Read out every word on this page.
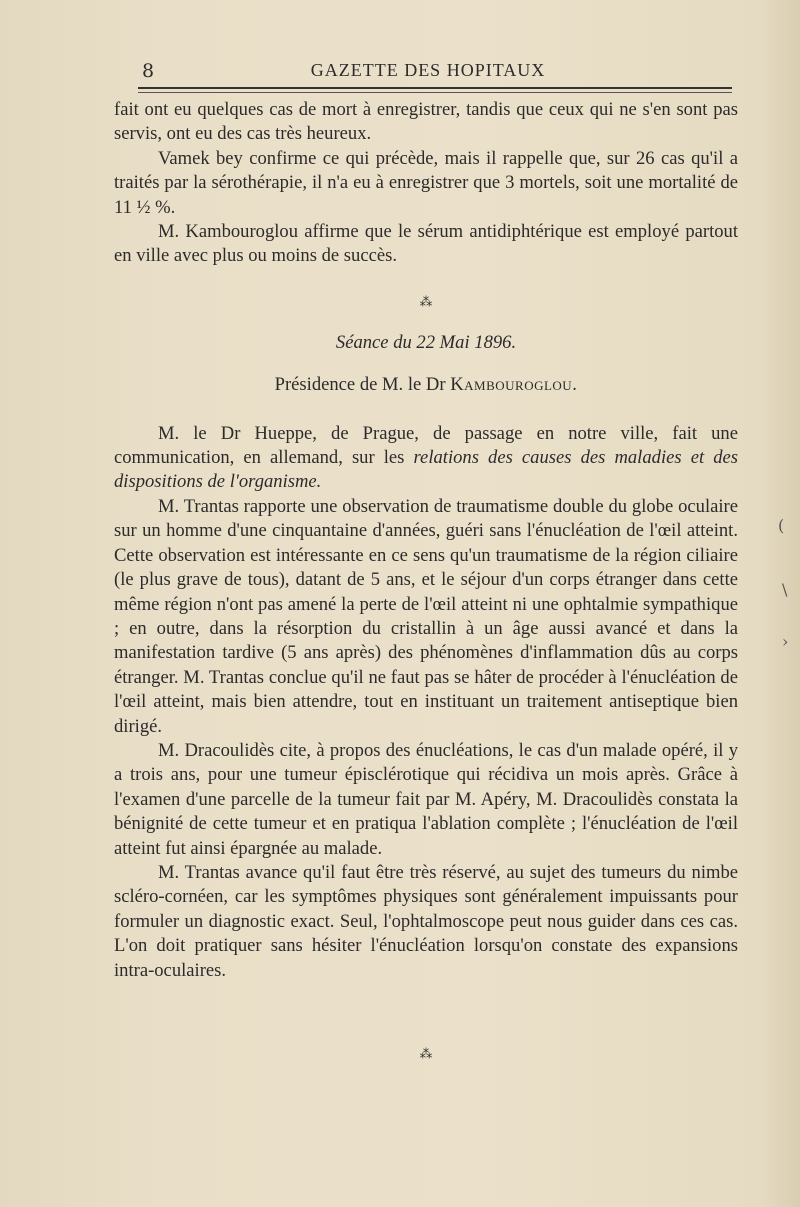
8	GAZETTE DES HOPITAUX

fait ont eu quelques cas de mort à enregistrer, tandis que ceux qui ne s'en sont pas servis, ont eu des cas très heureux.

Vamek bey confirme ce qui précède, mais il rappelle que, sur 26 cas qu'il a traités par la sérothérapie, il n'a eu à enregistrer que 3 mortels, soit une mortalité de 11 ½ %.

M. Kambouroglou affirme que le sérum antidiphtérique est employé partout en ville avec plus ou moins de succès.

⁂
Séance du 22 Mai 1896.
Présidence de M. le Dr Kambouroglou.

M. le Dr Hueppe, de Prague, de passage en notre ville, fait une communication, en allemand, sur les relations des causes des maladies et des dispositions de l'organisme.

M. Trantas rapporte une observation de traumatisme double du globe oculaire sur un homme d'une cinquantaine d'années, guéri sans l'énucléation de l'œil atteint. Cette observation est intéressante en ce sens qu'un traumatisme de la région ciliaire (le plus grave de tous), datant de 5 ans, et le séjour d'un corps étranger dans cette même région n'ont pas amené la perte de l'œil atteint ni une ophtalmie sympathique ; en outre, dans la résorption du cristallin à un âge aussi avancé et dans la manifestation tardive (5 ans après) des phénomènes d'inflammation dûs au corps étranger. M. Trantas conclue qu'il ne faut pas se hâter de procéder à l'énucléation de l'œil atteint, mais bien attendre, tout en instituant un traitement antiseptique bien dirigé.

M. Dracoulidès cite, à propos des énucléations, le cas d'un malade opéré, il y a trois ans, pour une tumeur épisclérotique qui récidiva un mois après. Grâce à l'examen d'une parcelle de la tumeur fait par M. Apéry, M. Dracoulidès constata la bénignité de cette tumeur et en pratiqua l'ablation complète ; l'énucléation de l'œil atteint fut ainsi épargnée au malade.

M. Trantas avance qu'il faut être très réservé, au sujet des tumeurs du nimbe scléro-cornéen, car les symptômes physiques sont généralement impuissants pour formuler un diagnostic exact. Seul, l'ophtalmoscope peut nous guider dans ces cas. L'on doit pratiquer sans hésiter l'énucléation lorsqu'on constate des expansions intra-oculaires.

⁂
(
\
›
